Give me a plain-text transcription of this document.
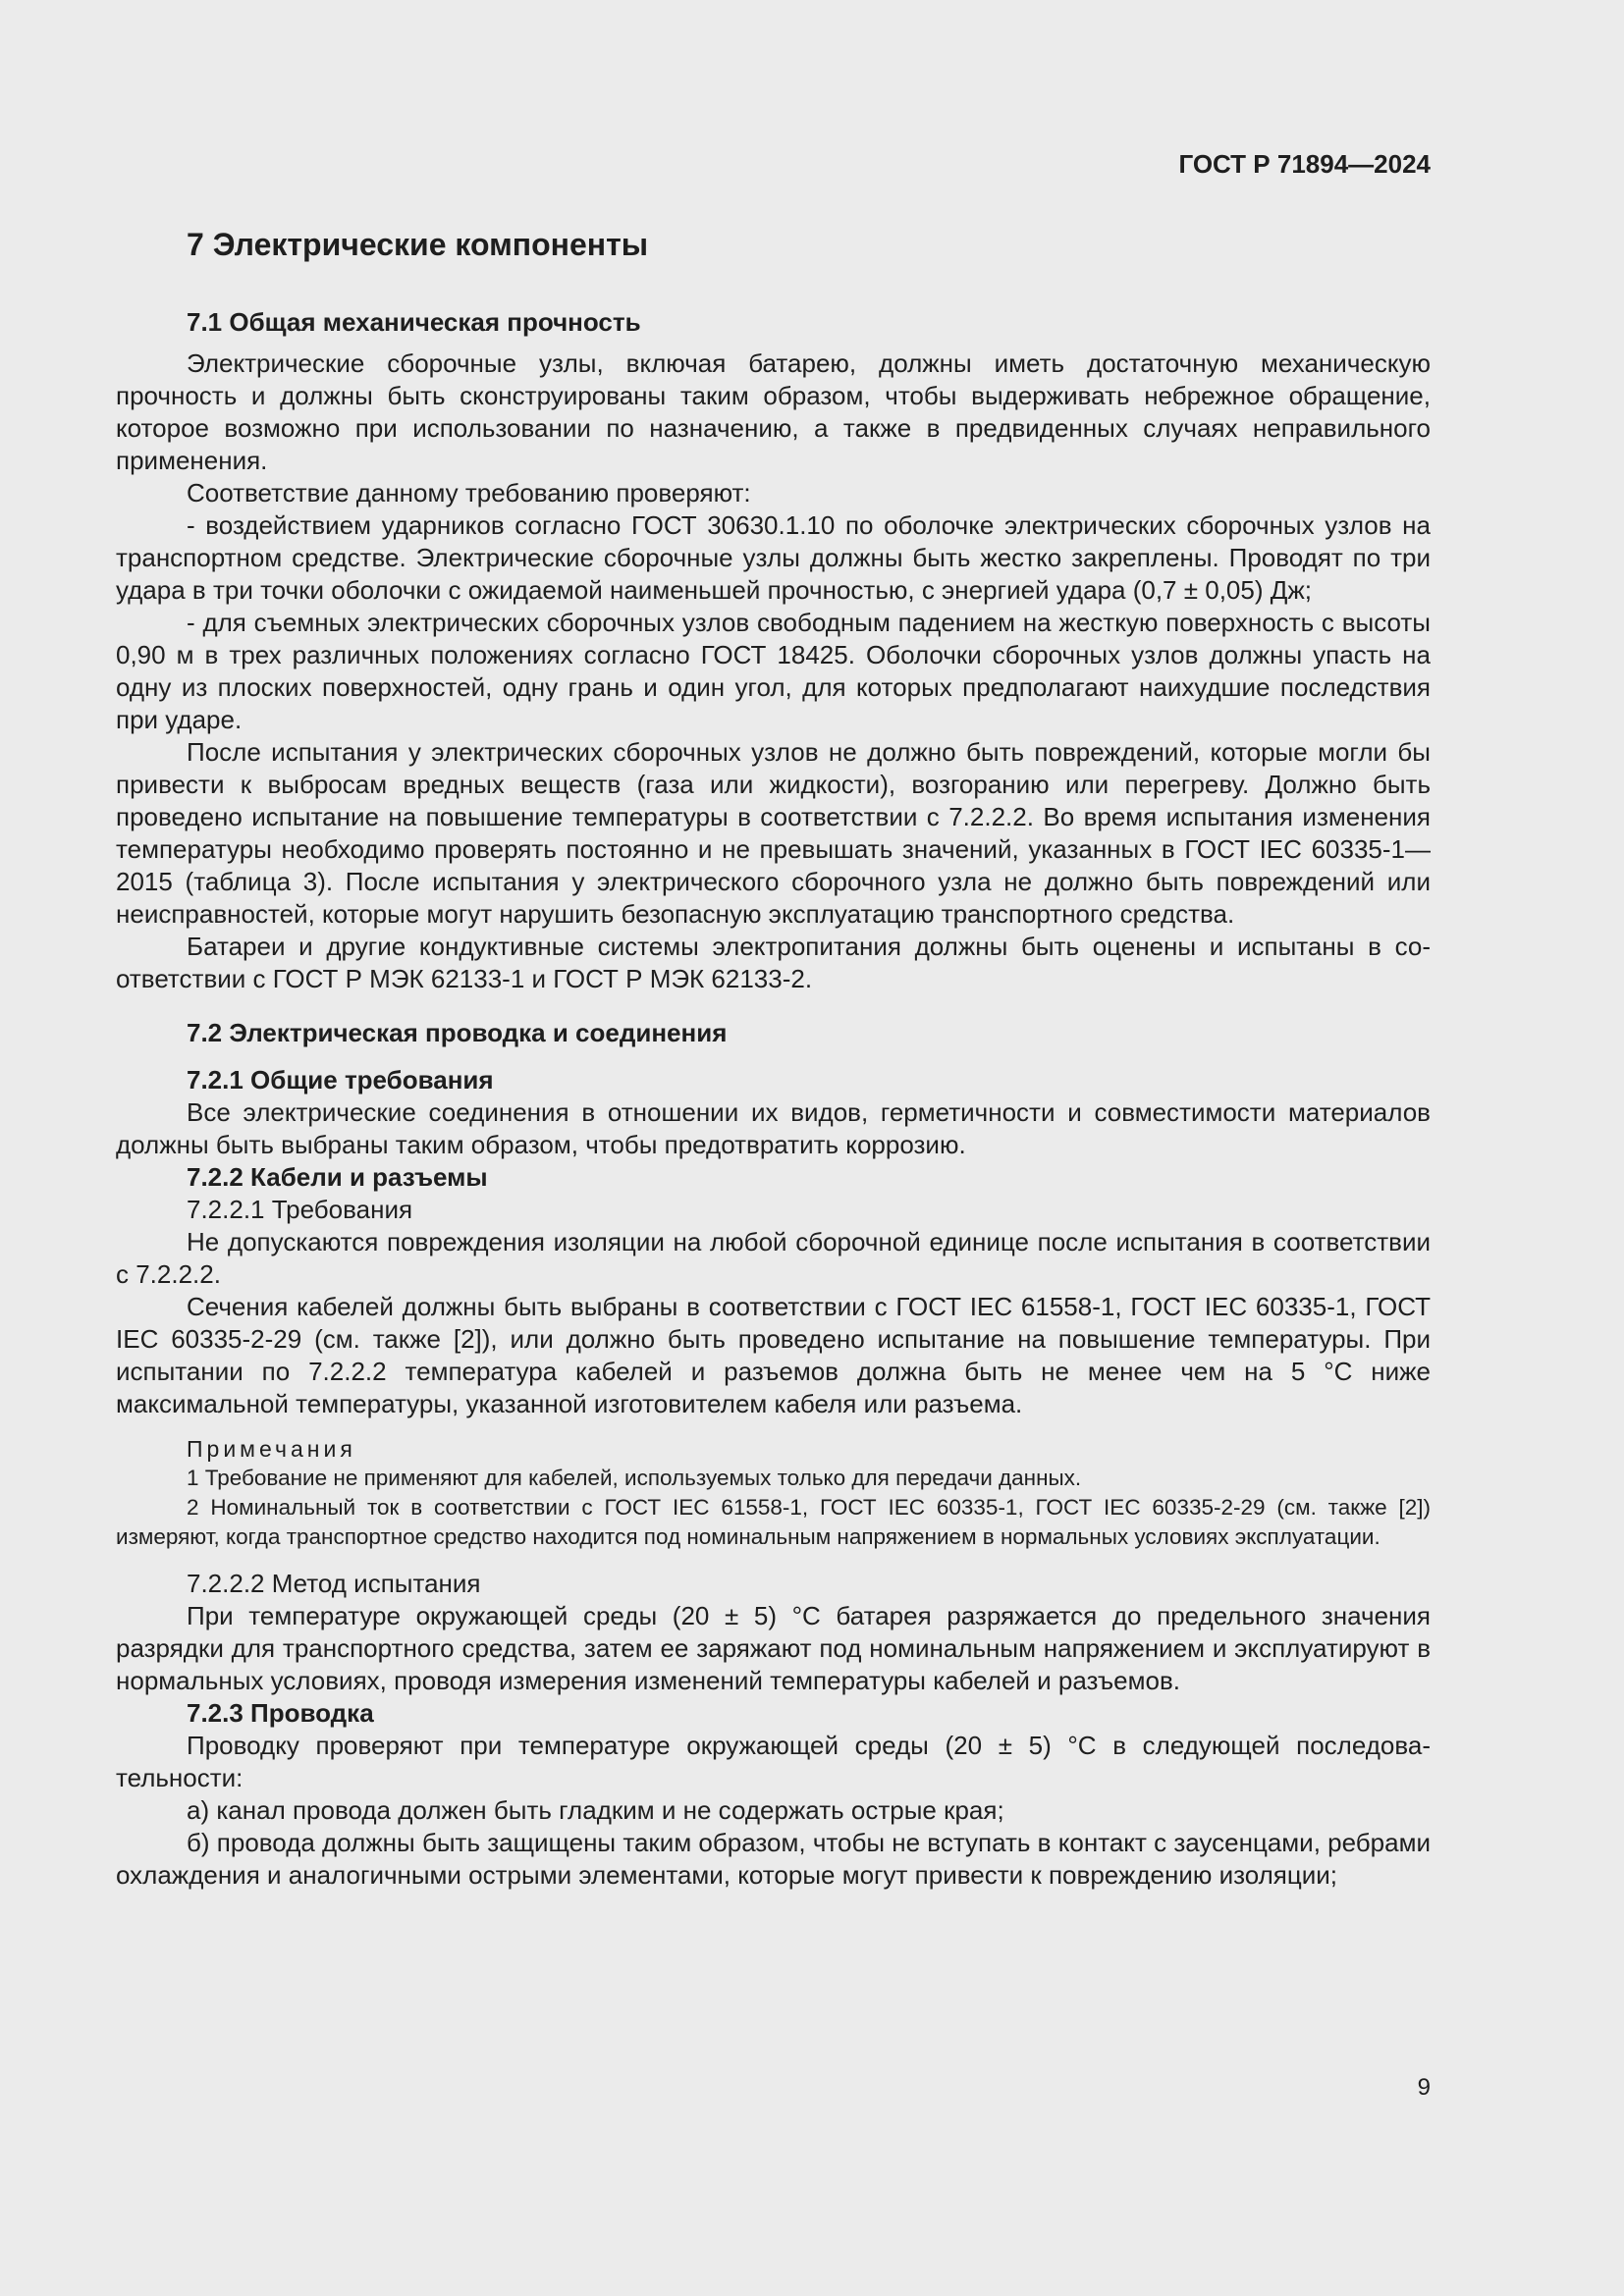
ГОСТ Р 71894—2024
7 Электрические компоненты
7.1 Общая механическая прочность

Электрические сборочные узлы, включая батарею, должны иметь достаточную механическую прочность и должны быть сконструированы таким образом, чтобы выдерживать небрежное обращение, которое возможно при использовании по назначению, а также в предвиденных случаях неправильного применения.

Соответствие данному требованию проверяют:

- воздействием ударников согласно ГОСТ 30630.1.10 по оболочке электрических сборочных узлов на транспортном средстве. Электрические сборочные узлы должны быть жестко закреплены. Проводят по три удара в три точки оболочки с ожидаемой наименьшей прочностью, с энергией удара (0,7 ± 0,05) Дж;

- для съемных электрических сборочных узлов свободным падением на жесткую поверхность с высоты 0,90 м в трех различных положениях согласно ГОСТ 18425. Оболочки сборочных узлов должны упасть на одну из плоских поверхностей, одну грань и один угол, для которых предполагают наихудшие последствия при ударе.

После испытания у электрических сборочных узлов не должно быть повреждений, которые могли бы привести к выбросам вредных веществ (газа или жидкости), возгоранию или перегреву. Должно быть проведено испытание на повышение температуры в соответствии с 7.2.2.2. Во время испытания изменения температуры необходимо проверять постоянно и не превышать значений, указанных в ГОСТ IEC 60335-1—2015 (таблица 3). После испытания у электрического сборочного узла не должно быть повреждений или неисправностей, которые могут нарушить безопасную эксплуатацию транспортного средства.

Батареи и другие кондуктивные системы электропитания должны быть оценены и испытаны в соответствии с ГОСТ Р МЭК 62133-1 и ГОСТ Р МЭК 62133-2.

7.2 Электрическая проводка и соединения
7.2.1 Общие требования

Все электрические соединения в отношении их видов, герметичности и совместимости материалов должны быть выбраны таким образом, чтобы предотвратить коррозию.

7.2.2 Кабели и разъемы
7.2.2.1 Требования

Не допускаются повреждения изоляции на любой сборочной единице после испытания в соответствии с 7.2.2.2.

Сечения кабелей должны быть выбраны в соответствии с ГОСТ IEC 61558-1, ГОСТ IEC 60335-1, ГОСТ IEC 60335-2-29 (см. также [2]), или должно быть проведено испытание на повышение температуры. При испытании по 7.2.2.2 температура кабелей и разъемов должна быть не менее чем на 5 °С ниже максимальной температуры, указанной изготовителем кабеля или разъема.

Примечания

1 Требование не применяют для кабелей, используемых только для передачи данных.

2 Номинальный ток в соответствии с ГОСТ IEC 61558-1, ГОСТ IEC 60335-1, ГОСТ IEC 60335-2-29 (см. также [2]) измеряют, когда транспортное средство находится под номинальным напряжением в нормальных условиях эксплуатации.

7.2.2.2 Метод испытания

При температуре окружающей среды (20 ± 5) °С батарея разряжается до предельного значения разрядки для транспортного средства, затем ее заряжают под номинальным напряжением и эксплуатируют в нормальных условиях, проводя измерения изменений температуры кабелей и разъемов.

7.2.3 Проводка

Проводку проверяют при температуре окружающей среды (20 ± 5) °С в следующей последовательности:

а) канал провода должен быть гладким и не содержать острые края;

б) провода должны быть защищены таким образом, чтобы не вступать в контакт с заусенцами, ребрами охлаждения и аналогичными острыми элементами, которые могут привести к повреждению изоляции;

9
